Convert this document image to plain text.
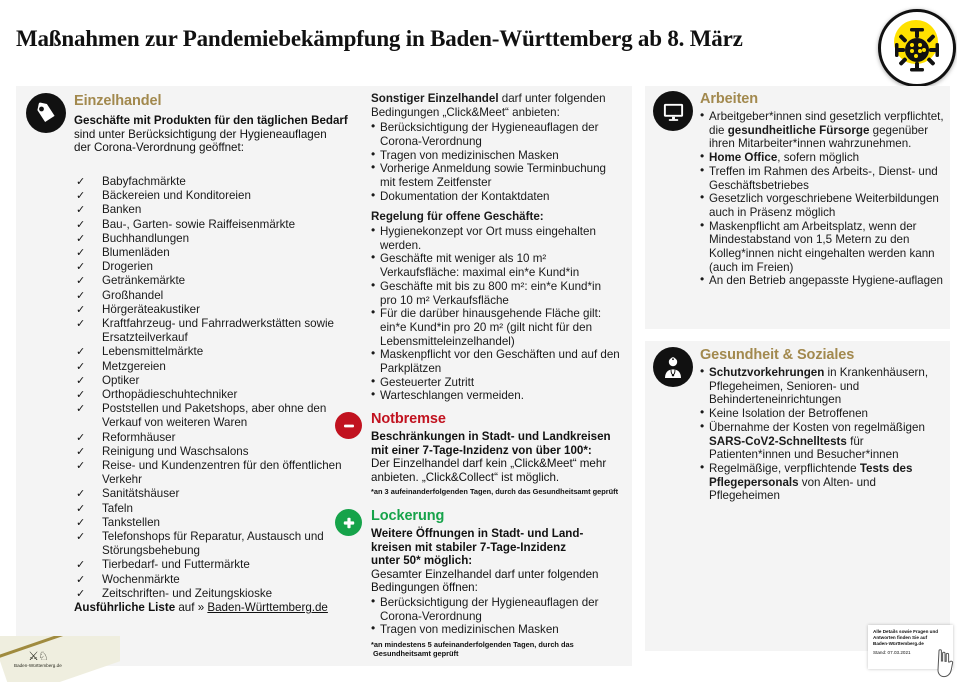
Maßnahmen zur Pandemiebekämpfung in Baden-Württemberg ab 8. März
Einzelhandel
Geschäfte mit Produkten für den täglichen Bedarf
sind unter Berücksichtigung der Hygieneauflagen
der Corona-Verordnung geöffnet:
✓ Babyfachmärkte
✓ Bäckereien und Konditoreien
✓ Banken
✓ Bau-, Garten- sowie Raiffeisenmärkte
✓ Buchhandlungen
✓ Blumenläden
✓ Drogerien
✓ Getränkemärkte
✓ Großhandel
✓ Hörgeräteakustiker
✓ Kraftfahrzeug- und Fahrradwerkstätten sowie Ersatzteilverkauf
✓ Lebensmittelmärkte
✓ Metzgereien
✓ Optiker
✓ Orthopädieschuhtechniker
✓ Poststellen und Paketshops, aber ohne den Verkauf von weiteren Waren
✓ Reformhäuser
✓ Reinigung und Waschsalons
✓ Reise- und Kundenzentren für den öffentlichen Verkehr
✓ Sanitätshäuser
✓ Tafeln
✓ Tankstellen
✓ Telefonshops für Reparatur, Austausch und Störungsbehebung
✓ Tierbedarf- und Futtermärkte
✓ Wochenmärkte
✓ Zeitschriften- und Zeitungskioske
Ausführliche Liste auf » Baden-Württemberg.de
Sonstiger Einzelhandel darf unter folgenden
Bedingungen „Click&Meet“ anbieten:
• Berücksichtigung der Hygieneauflagen der Corona-Verordnung
• Tragen von medizinischen Masken
• Vorherige Anmeldung sowie Terminbuchung mit festem Zeitfenster
• Dokumentation der Kontaktdaten
Regelung für offene Geschäfte:
• Hygienekonzept vor Ort muss eingehalten werden.
• Geschäfte mit weniger als 10 m² Verkaufsfläche: maximal ein*e Kund*in
• Geschäfte mit bis zu 800 m²: ein*e Kund*in pro 10 m² Verkaufsfläche
• Für die darüber hinausgehende Fläche gilt: ein*e Kund*in pro 20 m² (gilt nicht für den Lebensmitteleinzelhandel)
• Maskenpflicht vor den Geschäften und auf den Parkplätzen
• Gesteuerter Zutritt
• Warteschlangen vermeiden.
Notbremse
Beschränkungen in Stadt- und Landkreisen
mit einer 7-Tage-Inzidenz von über 100*:
Der Einzelhandel darf kein „Click&Meet“ mehr
anbieten. „Click&Collect“ ist möglich.
*an 3 aufeinanderfolgenden Tagen, durch das Gesundheitsamt geprüft
Lockerung
Weitere Öffnungen in Stadt- und Land-
kreisen mit stabiler 7-Tage-Inzidenz
unter 50* möglich:
Gesamter Einzelhandel darf unter folgenden
Bedingungen öffnen:
• Berücksichtigung der Hygieneauflagen der Corona-Verordnung
• Tragen von medizinischen Masken
*an mindestens 5 aufeinanderfolgenden Tagen, durch das
Gesundheitsamt geprüft
Arbeiten
• Arbeitgeber*innen sind gesetzlich verpflichtet, die gesundheitliche Fürsorge gegenüber ihren Mitarbeiter*innen wahrzunehmen.
• Home Office, sofern möglich
• Treffen im Rahmen des Arbeits-, Dienst- und Geschäftsbetriebes
• Gesetzlich vorgeschriebene Weiterbildungen auch in Präsenz möglich
• Maskenpflicht am Arbeitsplatz, wenn der Mindestabstand von 1,5 Metern zu den Kolleg*innen nicht eingehalten werden kann (auch im Freien)
• An den Betrieb angepasste Hygiene-auflagen
Gesundheit & Soziales
• Schutzvorkehrungen in Krankenhäusern, Pflegeheimen, Senioren- und Behinderteneinrichtungen
• Keine Isolation der Betroffenen
• Übernahme der Kosten von regelmäßigen SARS-CoV2-Schnelltests für Patienten*innen und Besucher*innen
• Regelmäßige, verpflichtende Tests des Pflegepersonals von Alten- und Pflegeheimen
⚔♘
Baden-Württemberg.de
Alle Details sowie Fragen und
Antworten finden Sie auf
Baden-Württemberg.de
Stand: 07.03.2021
